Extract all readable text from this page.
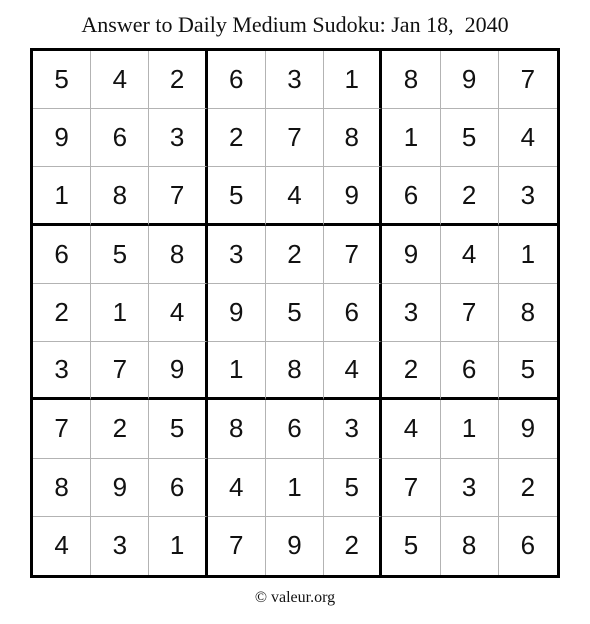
Answer to Daily Medium Sudoku: Jan 18,  2040
5	4	2	6	3	1	8	9	7
9	6	3	2	7	8	1	5	4
1	8	7	5	4	9	6	2	3
6	5	8	3	2	7	9	4	1
2	1	4	9	5	6	3	7	8
3	7	9	1	8	4	2	6	5
7	2	5	8	6	3	4	1	9
8	9	6	4	1	5	7	3	2
4	3	1	7	9	2	5	8	6
© valeur.org
